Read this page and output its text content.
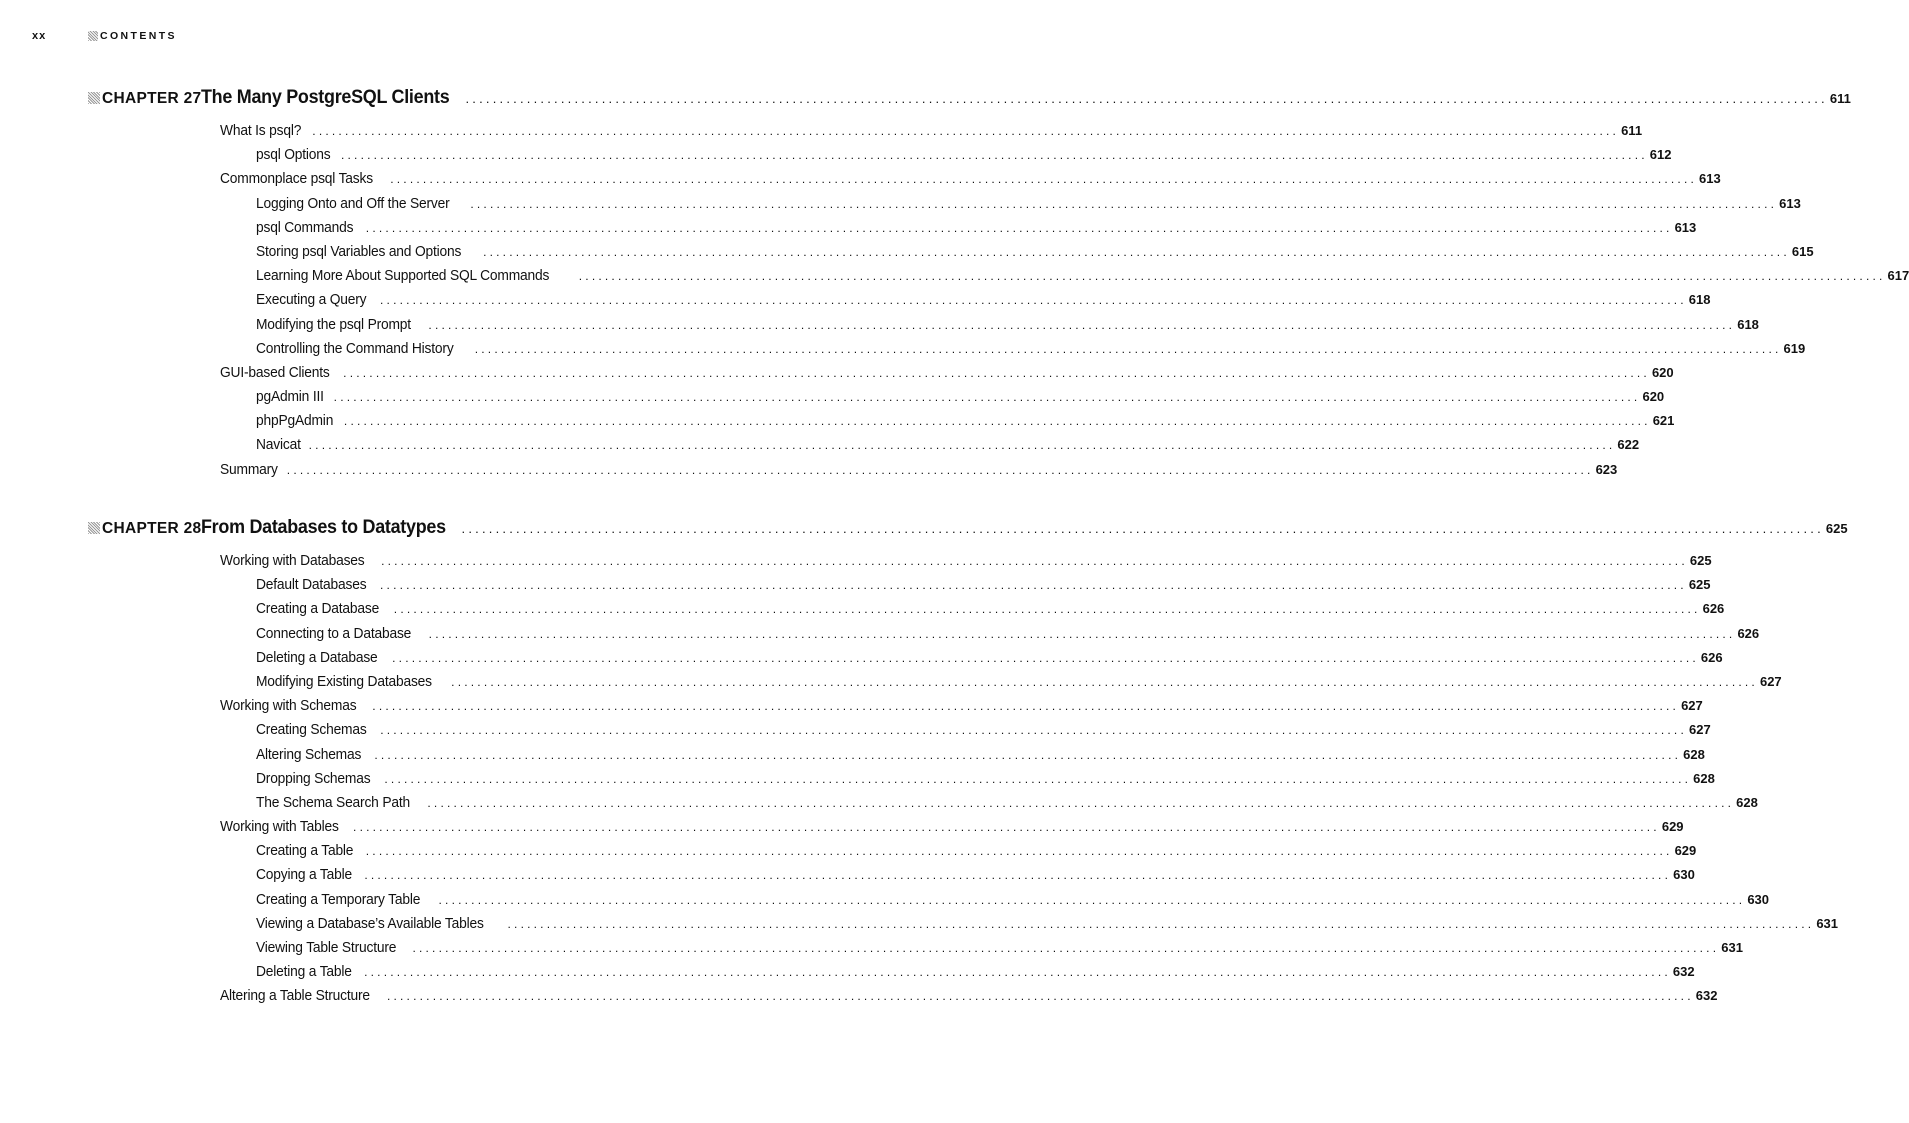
xx	CONTENTS
CHAPTER 27 The Many PostgreSQL Clients ........................................................................................................................................................................................................ 611
What Is psql? ........................................................................................................................................................................................................ 611
psql Options ........................................................................................................................................................................................................ 612
Commonplace psql Tasks ........................................................................................................................................................................................................ 613
Logging Onto and Off the Server ........................................................................................................................................................................................................ 613
psql Commands ........................................................................................................................................................................................................ 613
Storing psql Variables and Options ........................................................................................................................................................................................................ 615
Learning More About Supported SQL Commands ........................................................................................................................................................................................................ 617
Executing a Query ........................................................................................................................................................................................................ 618
Modifying the psql Prompt ........................................................................................................................................................................................................ 618
Controlling the Command History ........................................................................................................................................................................................................ 619
GUI-based Clients ........................................................................................................................................................................................................ 620
pgAdmin III ........................................................................................................................................................................................................ 620
phpPgAdmin ........................................................................................................................................................................................................ 621
Navicat ........................................................................................................................................................................................................ 622
Summary ........................................................................................................................................................................................................ 623
CHAPTER 28 From Databases to Datatypes ........................................................................................................................................................................................................ 625
Working with Databases ........................................................................................................................................................................................................ 625
Default Databases ........................................................................................................................................................................................................ 625
Creating a Database ........................................................................................................................................................................................................ 626
Connecting to a Database ........................................................................................................................................................................................................ 626
Deleting a Database ........................................................................................................................................................................................................ 626
Modifying Existing Databases ........................................................................................................................................................................................................ 627
Working with Schemas ........................................................................................................................................................................................................ 627
Creating Schemas ........................................................................................................................................................................................................ 627
Altering Schemas ........................................................................................................................................................................................................ 628
Dropping Schemas ........................................................................................................................................................................................................ 628
The Schema Search Path ........................................................................................................................................................................................................ 628
Working with Tables ........................................................................................................................................................................................................ 629
Creating a Table ........................................................................................................................................................................................................ 629
Copying a Table ........................................................................................................................................................................................................ 630
Creating a Temporary Table ........................................................................................................................................................................................................ 630
Viewing a Database’s Available Tables ........................................................................................................................................................................................................ 631
Viewing Table Structure ........................................................................................................................................................................................................ 631
Deleting a Table ........................................................................................................................................................................................................ 632
Altering a Table Structure ........................................................................................................................................................................................................ 632
